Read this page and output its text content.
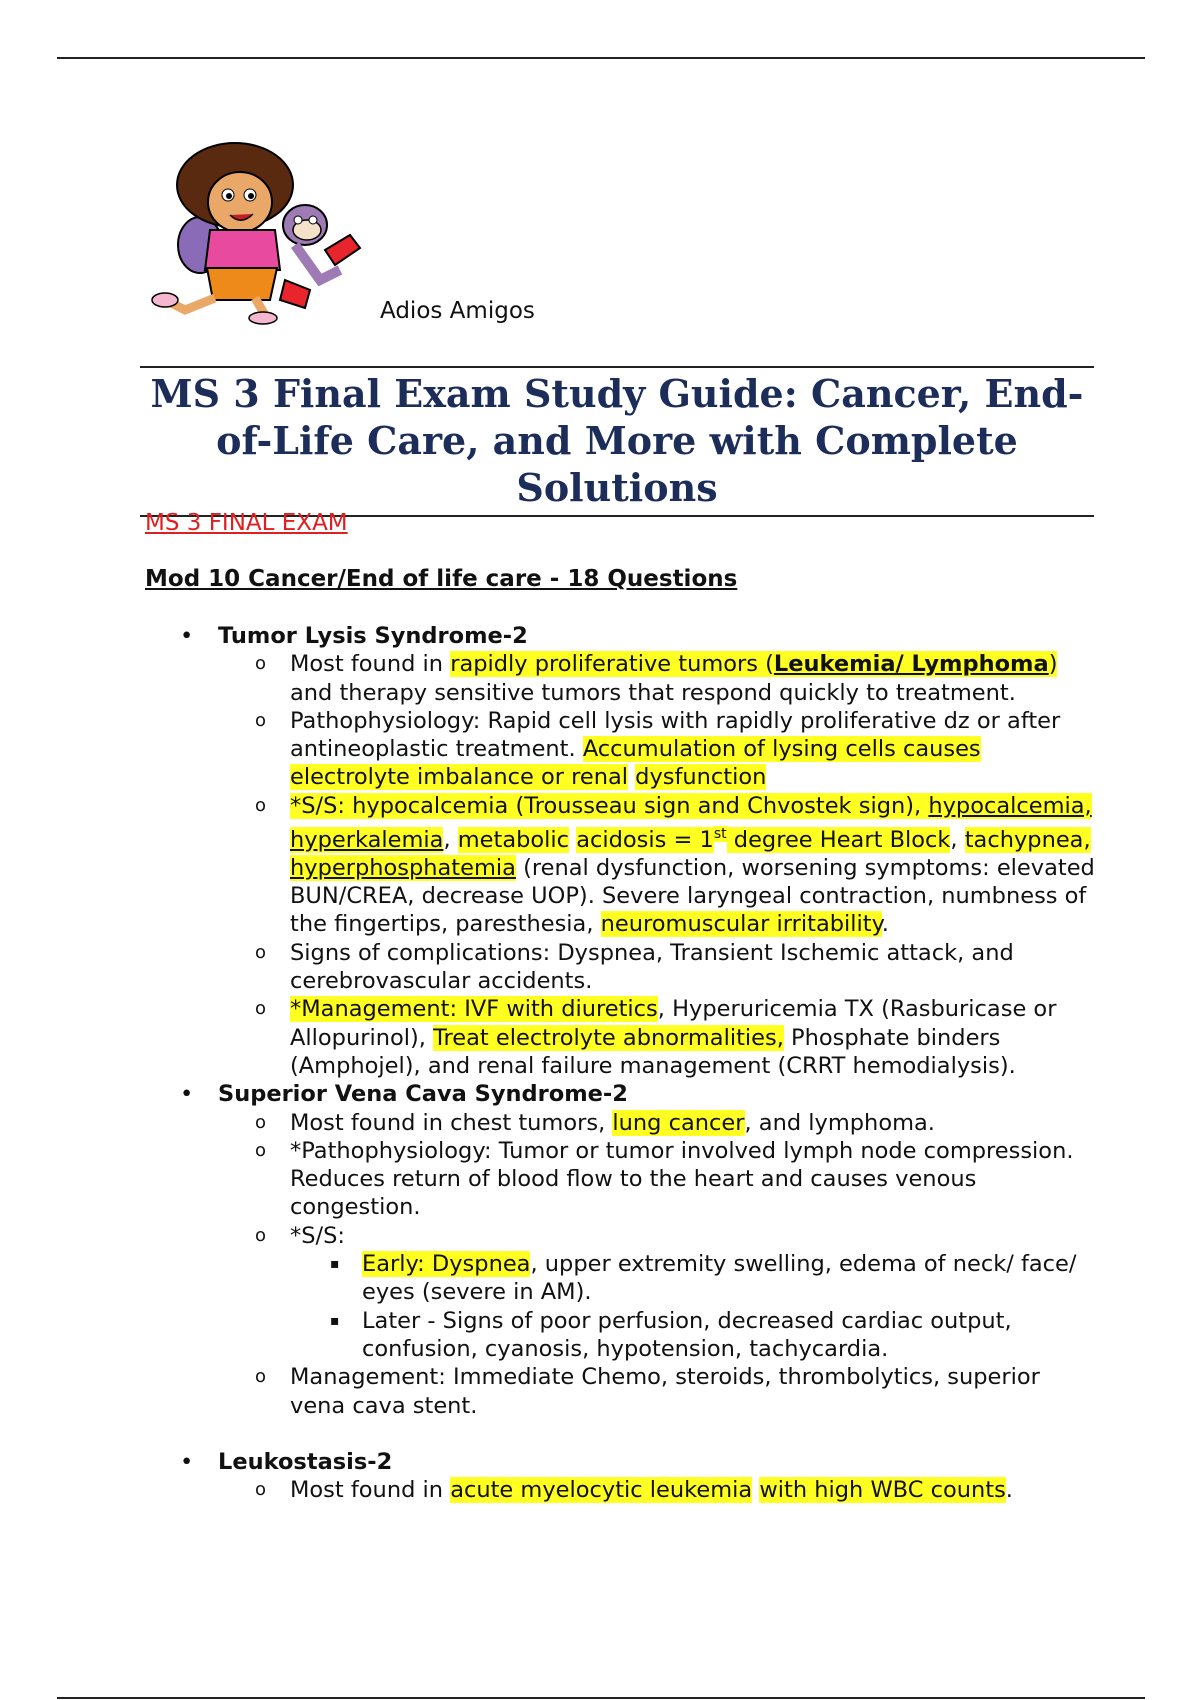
Adios Amigos
MS 3 Final Exam Study Guide: Cancer, End-of-Life Care, and More with Complete Solutions

MS 3 FINAL EXAM

Mod 10 Cancer/End of life care - 18 Questions

• Tumor Lysis Syndrome-2
o Most found in rapidly proliferative tumors (Leukemia/ Lymphoma) and therapy sensitive tumors that respond quickly to treatment.
o Pathophysiology: Rapid cell lysis with rapidly proliferative dz or after antineoplastic treatment. Accumulation of lysing cells causes electrolyte imbalance or renal dysfunction
o *S/S: hypocalcemia (Trousseau sign and Chvostek sign), hypocalcemia, hyperkalemia, metabolic acidosis = 1st degree Heart Block, tachypnea, hyperphosphatemia (renal dysfunction, worsening symptoms: elevated BUN/CREA, decrease UOP). Severe laryngeal contraction, numbness of the fingertips, paresthesia, neuromuscular irritability.
o Signs of complications: Dyspnea, Transient Ischemic attack, and cerebrovascular accidents.
o *Management: IVF with diuretics, Hyperuricemia TX (Rasburicase or Allopurinol), Treat electrolyte abnormalities, Phosphate binders (Amphojel), and renal failure management (CRRT hemodialysis).
• Superior Vena Cava Syndrome-2
o Most found in chest tumors, lung cancer, and lymphoma.
o *Pathophysiology: Tumor or tumor involved lymph node compression. Reduces return of blood flow to the heart and causes venous congestion.
o *S/S:
▪ Early: Dyspnea, upper extremity swelling, edema of neck/ face/ eyes (severe in AM).
▪ Later - Signs of poor perfusion, decreased cardiac output, confusion, cyanosis, hypotension, tachycardia.
o Management: Immediate Chemo, steroids, thrombolytics, superior vena cava stent.
• Leukostasis-2
o Most found in acute myelocytic leukemia with high WBC counts.
